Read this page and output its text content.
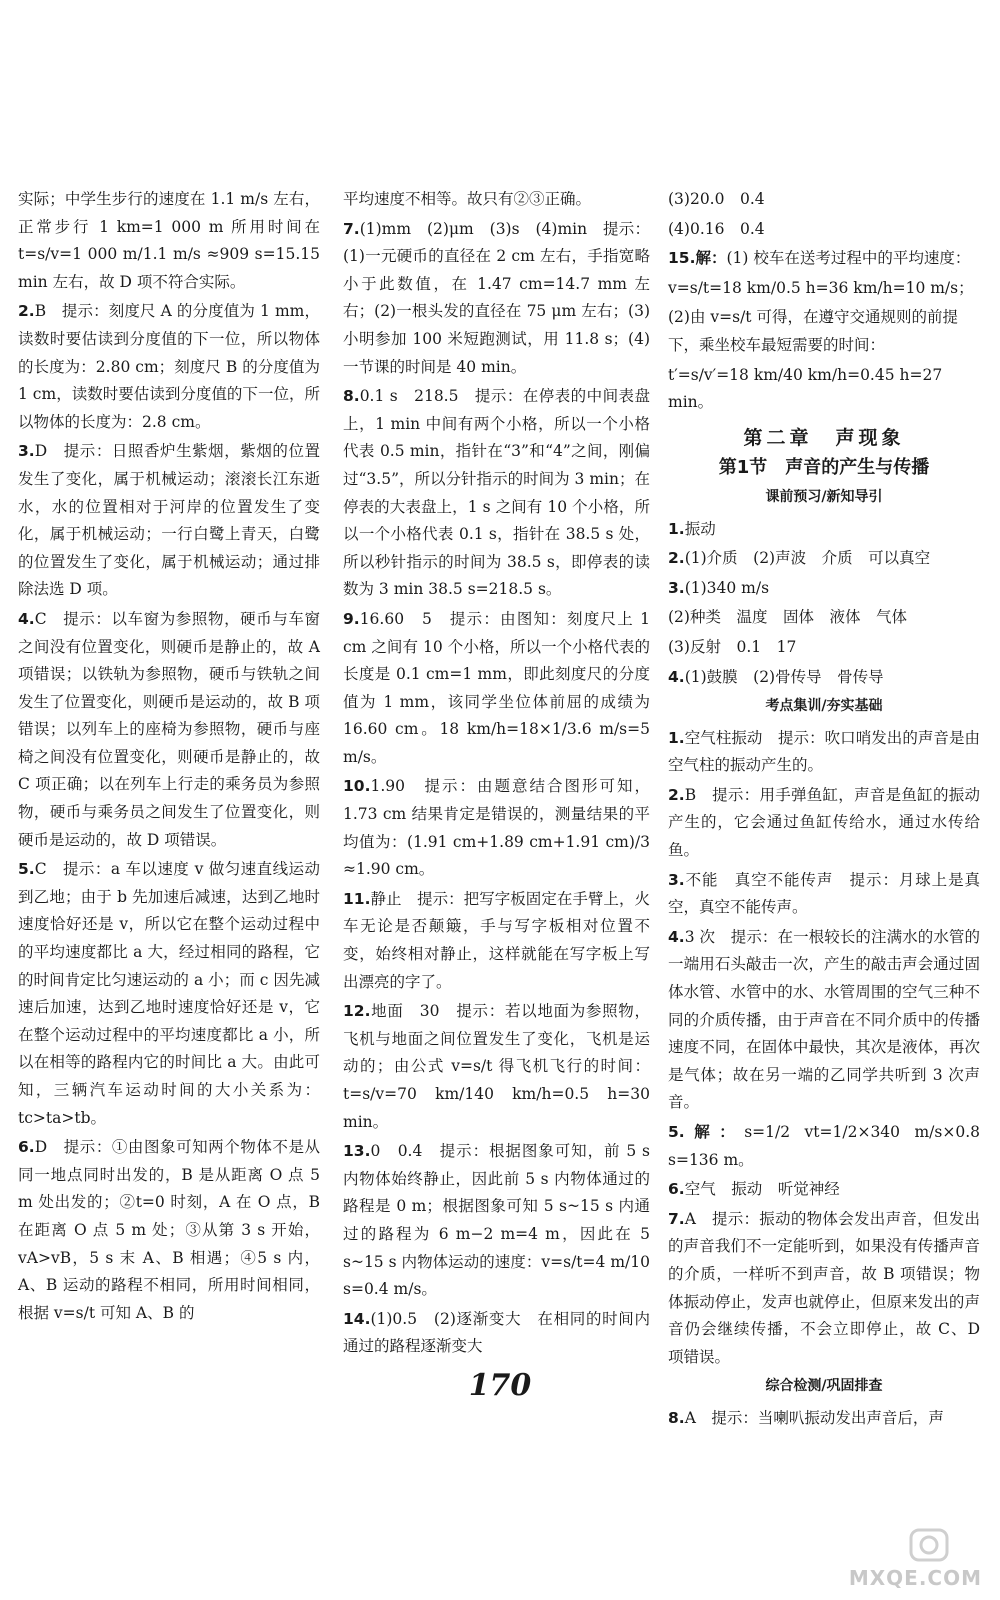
实际；中学生步行的速度在 1.1 m/s 左右，正常步行 1 km=1 000 m 所用时间在 t=s/v=1 000 m/1.1 m/s ≈909 s=15.15 min 左右，故 D 项不符合实际。
2.B　提示：刻度尺 A 的分度值为 1 mm，读数时要估读到分度值的下一位，所以物体的长度为：2.80 cm；刻度尺 B 的分度值为 1 cm，读数时要估读到分度值的下一位，所以物体的长度为：2.8 cm。
3.D　提示：日照香炉生紫烟，紫烟的位置发生了变化，属于机械运动；滚滚长江东逝水，水的位置相对于河岸的位置发生了变化，属于机械运动；一行白鹭上青天，白鹭的位置发生了变化，属于机械运动；通过排除法选 D 项。
4.C　提示：以车窗为参照物，硬币与车窗之间没有位置变化，则硬币是静止的，故 A 项错误；以铁轨为参照物，硬币与铁轨之间发生了位置变化，则硬币是运动的，故 B 项错误；以列车上的座椅为参照物，硬币与座椅之间没有位置变化，则硬币是静止的，故 C 项正确；以在列车上行走的乘务员为参照物，硬币与乘务员之间发生了位置变化，则硬币是运动的，故 D 项错误。
5.C　提示：a 车以速度 v 做匀速直线运动到乙地；由于 b 先加速后减速，达到乙地时速度恰好还是 v，所以它在整个运动过程中的平均速度都比 a 大，经过相同的路程，它的时间肯定比匀速运动的 a 小；而 c 因先减速后加速，达到乙地时速度恰好还是 v，它在整个运动过程中的平均速度都比 a 小，所以在相等的路程内它的时间比 a 大。由此可知，三辆汽车运动时间的大小关系为：tc>ta>tb。
6.D　提示：①由图象可知两个物体不是从同一地点同时出发的，B 是从距离 O 点 5 m 处出发的；②t=0 时刻，A 在 O 点，B 在距离 O 点 5 m 处；③从第 3 s 开始，vA>vB，5 s 末 A、B 相遇；④5 s 内，A、B 运动的路程不相同，所用时间相同，根据 v=s/t 可知 A、B 的
平均速度不相等。故只有②③正确。
7.(1)mm　(2)μm　(3)s　(4)min　提示：(1)一元硬币的直径在 2 cm 左右，手指宽略小于此数值，在 1.47 cm=14.7 mm 左右；(2)一根头发的直径在 75 μm 左右；(3)小明参加 100 米短跑测试，用 11.8 s；(4)一节课的时间是 40 min。
8.0.1 s　218.5　提示：在停表的中间表盘上，1 min 中间有两个小格，所以一个小格代表 0.5 min，指针在“3”和“4”之间，刚偏过“3.5”，所以分针指示的时间为 3 min；在停表的大表盘上，1 s 之间有 10 个小格，所以一个小格代表 0.1 s，指针在 38.5 s 处，所以秒针指示的时间为 38.5 s，即停表的读数为 3 min 38.5 s=218.5 s。
9.16.60　5　提示：由图知：刻度尺上 1 cm 之间有 10 个小格，所以一个小格代表的长度是 0.1 cm=1 mm，即此刻度尺的分度值为 1 mm，该同学坐位体前屈的成绩为 16.60 cm。18 km/h=18×1/3.6 m/s=5 m/s。
10.1.90　提示：由题意结合图形可知，1.73 cm 结果肯定是错误的，测量结果的平均值为：(1.91 cm+1.89 cm+1.91 cm)/3 ≈1.90 cm。
11.静止　提示：把写字板固定在手臂上，火车无论是否颠簸，手与写字板相对位置不变，始终相对静止，这样就能在写字板上写出漂亮的字了。
12.地面　30　提示：若以地面为参照物，飞机与地面之间位置发生了变化，飞机是运动的；由公式 v=s/t 得飞机飞行的时间：t=s/v=70 km/140 km/h=0.5 h=30 min。
13.0　0.4　提示：根据图象可知，前 5 s 内物体始终静止，因此前 5 s 内物体通过的路程是 0 m；根据图象可知 5 s~15 s 内通过的路程为 6 m−2 m=4 m，因此在 5 s~15 s 内物体运动的速度：v=s/t=4 m/10 s=0.4 m/s。
14.(1)0.5　(2)逐渐变大　在相同的时间内通过的路程逐渐变大
(3)20.0　0.4
(4)0.16　0.4
15.解：(1) 校车在送考过程中的平均速度：
v=s/t=18 km/0.5 h=36 km/h=10 m/s；
(2)由 v=s/t 可得，在遵守交通规则的前提下，乘坐校车最短需要的时间：
t′=s/v′=18 km/40 km/h=0.45 h=27 min。
第二章　声现象
第1节　声音的产生与传播
课前预习/新知导引
1.振动
2.(1)介质　(2)声波　介质　可以真空
3.(1)340 m/s
(2)种类　温度　固体　液体　气体
(3)反射　0.1　17
4.(1)鼓膜　(2)骨传导　骨传导
考点集训/夯实基础
1.空气柱振动　提示：吹口哨发出的声音是由空气柱的振动产生的。
2.B　提示：用手弹鱼缸，声音是鱼缸的振动产生的，它会通过鱼缸传给水，通过水传给鱼。
3.不能　真空不能传声　提示：月球上是真空，真空不能传声。
4.3 次　提示：在一根较长的注满水的水管的一端用石头敲击一次，产生的敲击声会通过固体水管、水管中的水、水管周围的空气三种不同的介质传播，由于声音在不同介质中的传播速度不同，在固体中最快，其次是液体，再次是气体；故在另一端的乙同学共听到 3 次声音。
5.解：s=1/2 vt=1/2×340 m/s×0.8 s=136 m。
6.空气　振动　听觉神经
7.A　提示：振动的物体会发出声音，但发出的声音我们不一定能听到，如果没有传播声音的介质，一样听不到声音，故 B 项错误；物体振动停止，发声也就停止，但原来发出的声音仍会继续传播，不会立即停止，故 C、D 项错误。
综合检测/巩固排查
8.A　提示：当喇叭振动发出声音后，声
170
MXQE.COM
